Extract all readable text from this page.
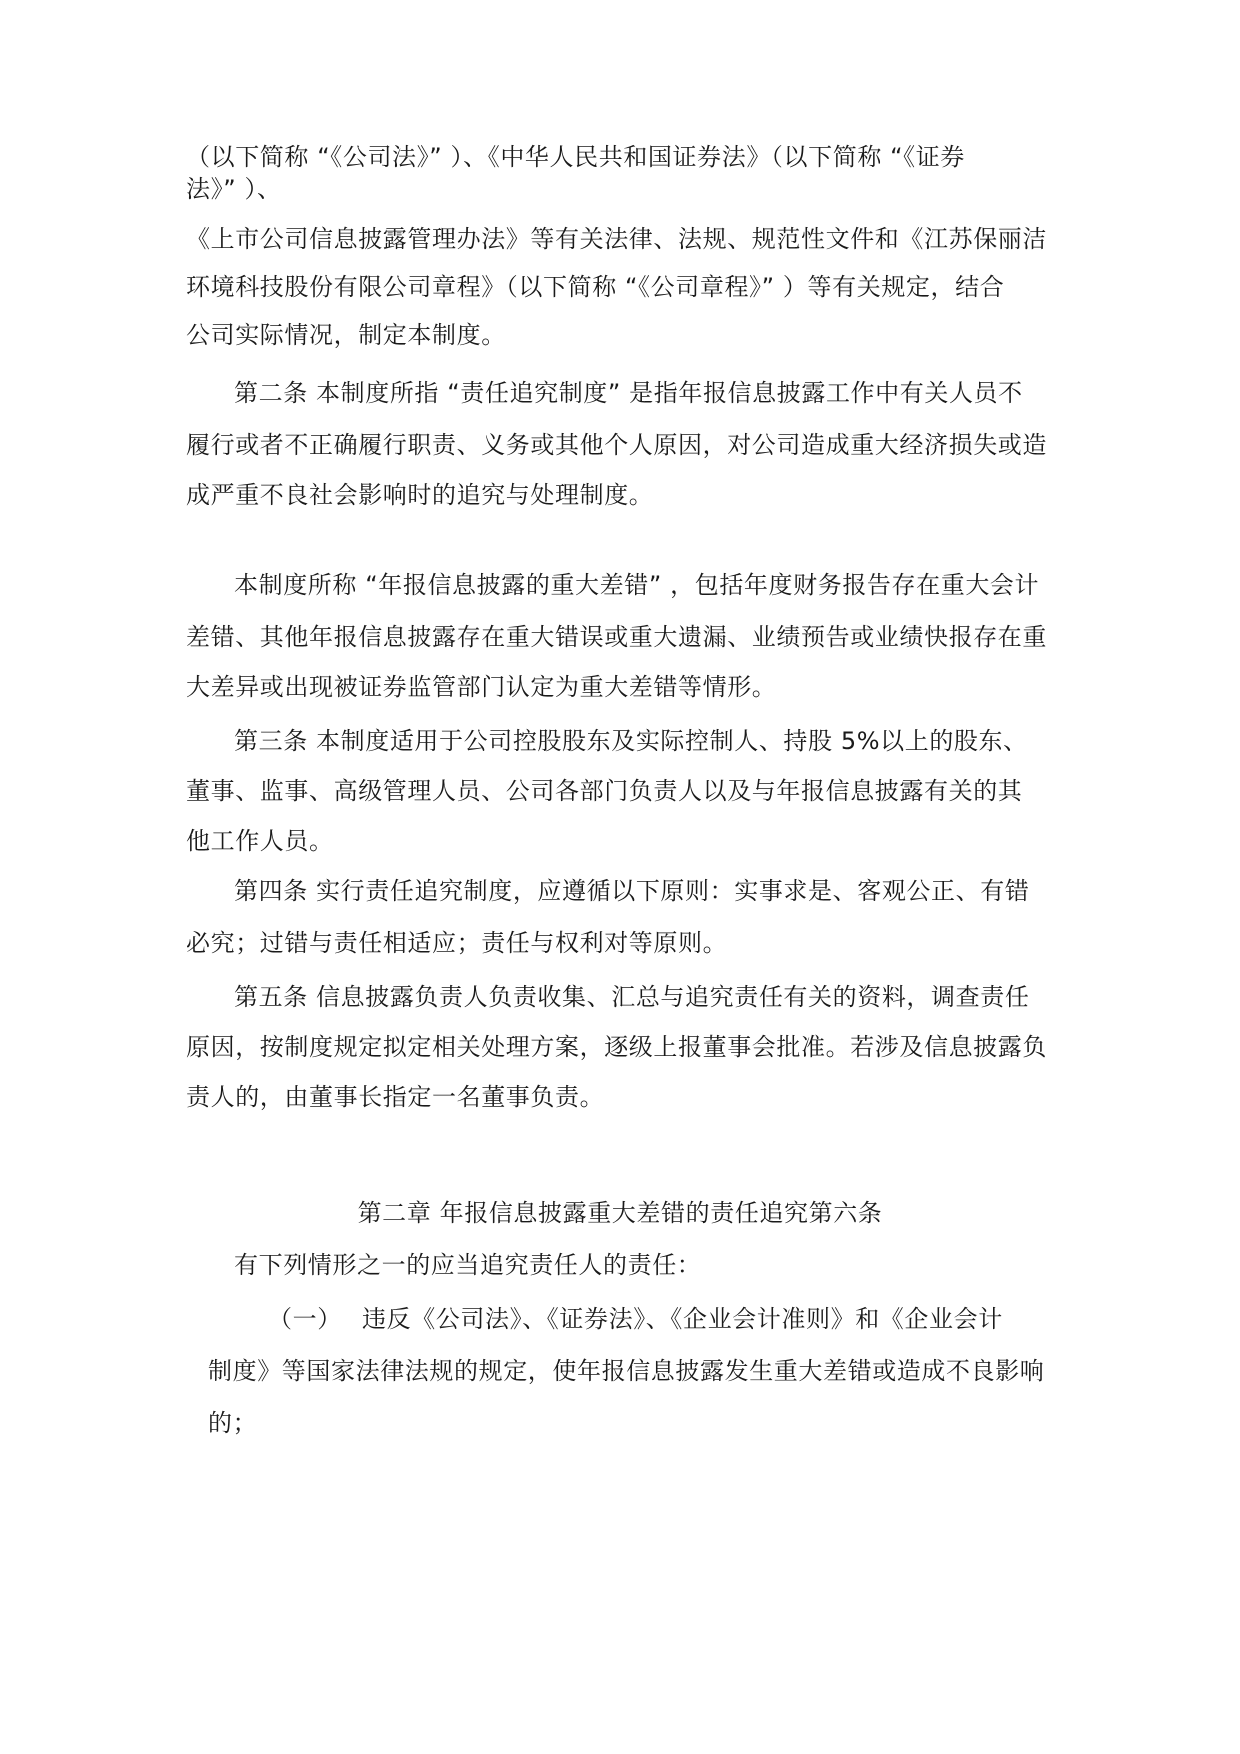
（以下简称 “《公司法》” ）、《中华人民共和国证券法》（以下简称 “《证券

法》” ）、

《上市公司信息披露管理办法》等有关法律、法规、规范性文件和《江苏保丽洁

环境科技股份有限公司章程》（以下简称 “《公司章程》” ）等有关规定，结合

公司实际情况，制定本制度。

第二条 本制度所指 “责任追究制度” 是指年报信息披露工作中有关人员不

履行或者不正确履行职责、义务或其他个人原因，对公司造成重大经济损失或造

成严重不良社会影响时的追究与处理制度。

本制度所称 “年报信息披露的重大差错” ，包括年度财务报告存在重大会计

差错、其他年报信息披露存在重大错误或重大遗漏、业绩预告或业绩快报存在重

大差异或出现被证券监管部门认定为重大差错等情形。

第三条 本制度适用于公司控股股东及实际控制人、持股 5%以上的股东、

董事、监事、高级管理人员、公司各部门负责人以及与年报信息披露有关的其

他工作人员。

第四条 实行责任追究制度，应遵循以下原则：实事求是、客观公正、有错

必究；过错与责任相适应；责任与权利对等原则。

第五条 信息披露负责人负责收集、汇总与追究责任有关的资料，调查责任

原因，按制度规定拟定相关处理方案，逐级上报董事会批准。若涉及信息披露负

责人的，由董事长指定一名董事负责。

第二章 年报信息披露重大差错的责任追究第六条

有下列情形之一的应当追究责任人的责任：

（一） 违反《公司法》、《证券法》、《企业会计准则》和《企业会计

制度》等国家法律法规的规定，使年报信息披露发生重大差错或造成不良影响

的；
